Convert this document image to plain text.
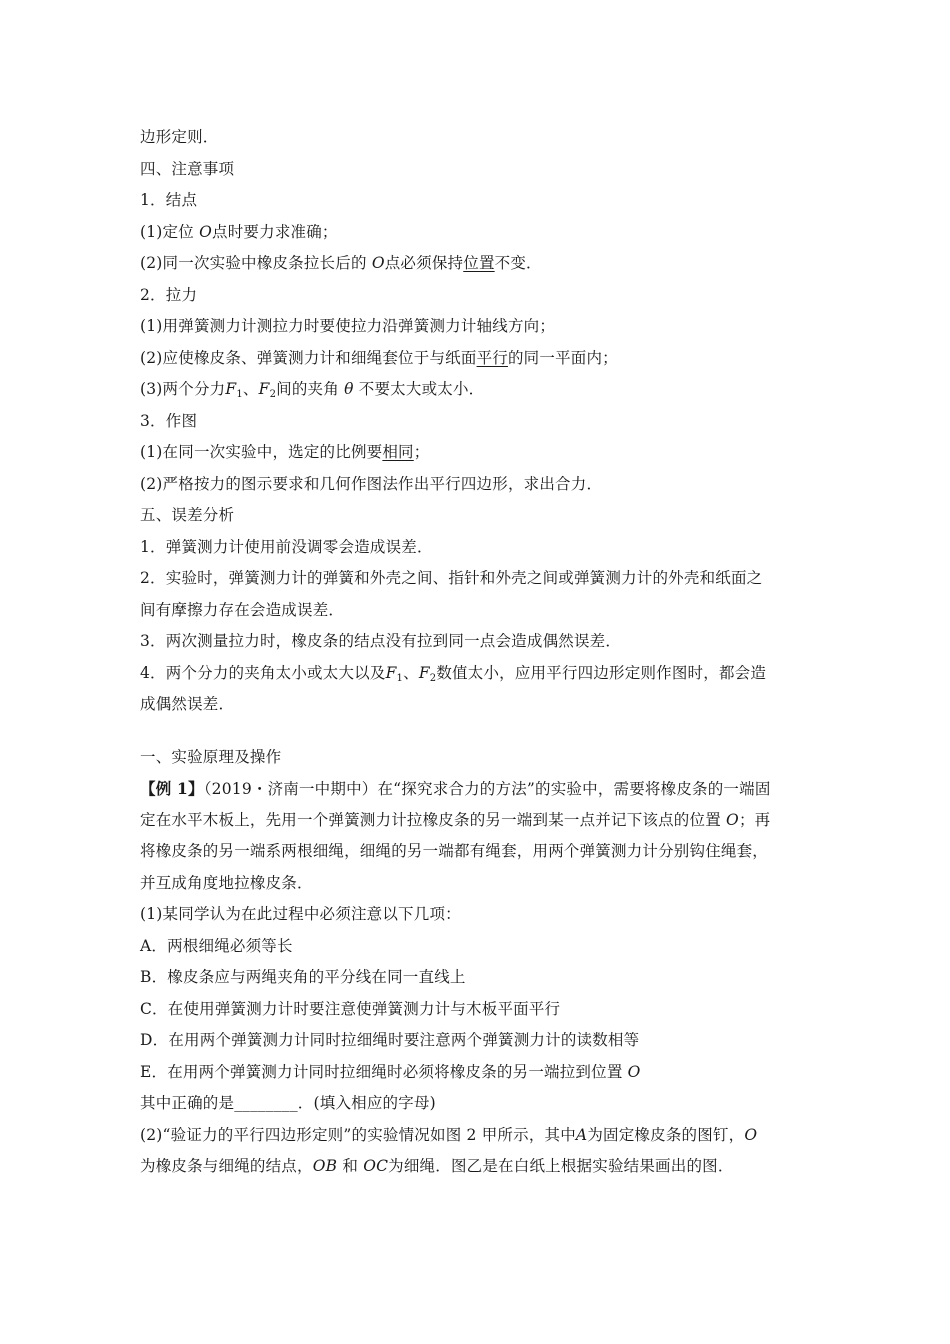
边形定则．
四、注意事项
1．结点
(1)定位 O点时要力求准确；
(2)同一次实验中橡皮条拉长后的 O点必须保持位置不变．
2．拉力
(1)用弹簧测力计测拉力时要使拉力沿弹簧测力计轴线方向；
(2)应使橡皮条、弹簧测力计和细绳套位于与纸面平行的同一平面内；
(3)两个分力$F_1$、$F_2$间的夹角 θ 不要太大或太小．
3．作图
(1)在同一次实验中，选定的比例要相同；
(2)严格按力的图示要求和几何作图法作出平行四边形，求出合力．
五、误差分析
1．弹簧测力计使用前没调零会造成误差．
2．实验时，弹簧测力计的弹簧和外壳之间、指针和外壳之间或弹簧测力计的外壳和纸面之
间有摩擦力存在会造成误差．
3．两次测量拉力时，橡皮条的结点没有拉到同一点会造成偶然误差．
4．两个分力的夹角太小或太大以及$F_1$、$F_2$数值太小，应用平行四边形定则作图时，都会造
成偶然误差．
一、实验原理及操作
【例 1】（2019・济南一中期中）在“探究求合力的方法”的实验中，需要将橡皮条的一端固
定在水平木板上，先用一个弹簧测力计拉橡皮条的另一端到某一点并记下该点的位置 O；再
将橡皮条的另一端系两根细绳，细绳的另一端都有绳套，用两个弹簧测力计分别钩住绳套，
并互成角度地拉橡皮条．
(1)某同学认为在此过程中必须注意以下几项：
A．两根细绳必须等长
B．橡皮条应与两绳夹角的平分线在同一直线上
C．在使用弹簧测力计时要注意使弹簧测力计与木板平面平行
D．在用两个弹簧测力计同时拉细绳时要注意两个弹簧测力计的读数相等
E．在用两个弹簧测力计同时拉细绳时必须将橡皮条的另一端拉到位置 O
其中正确的是________．(填入相应的字母)
(2)“验证力的平行四边形定则”的实验情况如图 2 甲所示，其中A为固定橡皮条的图钉，O
为橡皮条与细绳的结点，OB 和 OC为细绳．图乙是在白纸上根据实验结果画出的图．
